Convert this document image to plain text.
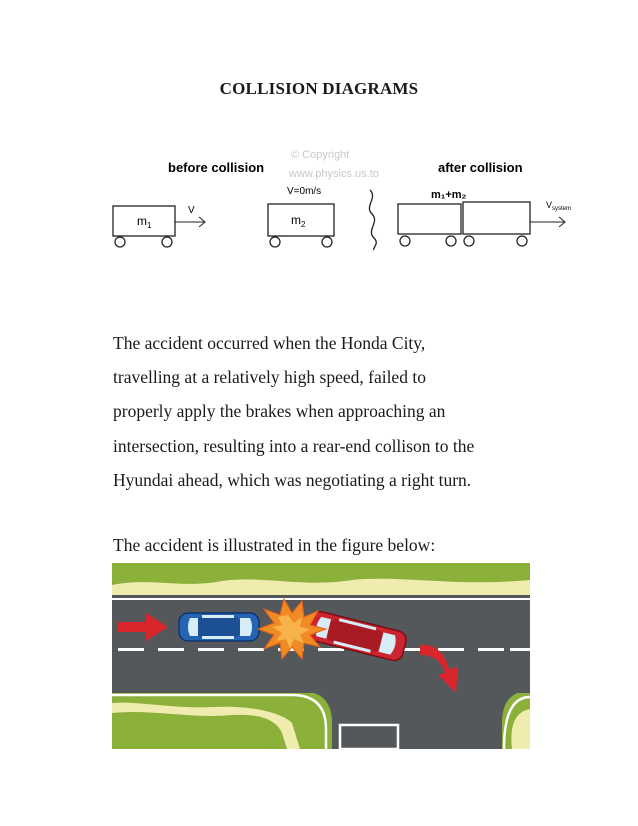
COLLISION DIAGRAMS
© Copyright
www.physics.us.to
before collision	after collision
$m_1$
V
$m_2$
V=0m/s	m₁+m₂
$V_{system}$

The accident occurred when the Honda City,
travelling at a relatively high speed, failed to
properly apply the brakes when approaching an
intersection, resulting into a rear-end collison to the
Hyundai ahead, which was negotiating a right turn.

The accident is illustrated in the figure below:
